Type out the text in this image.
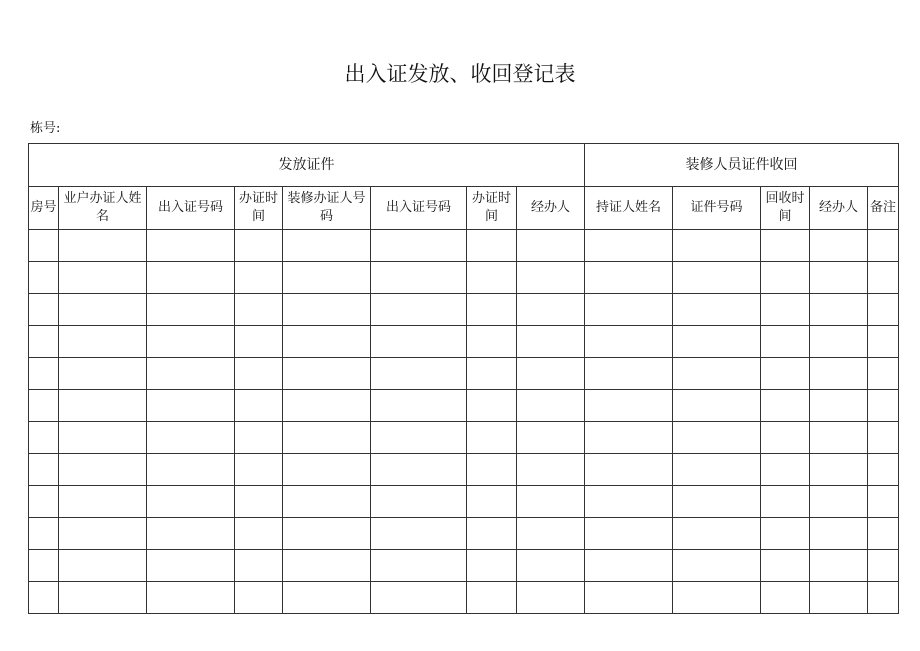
出入证发放、收回登记表
栋号:
发放证件								装修人员证件收回				
房号	业户办证人姓名	出入证号码	办证时间	装修办证人号码	出入证号码	办证时间	经办人	持证人姓名	证件号码	回收时间	经办人	备注
